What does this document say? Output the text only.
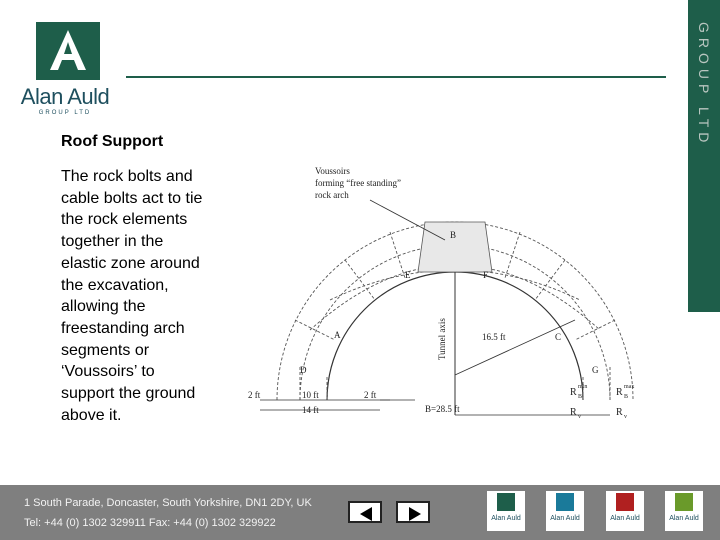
Alan Auld
GROUP LTD	GROUP LTD
Roof Support
The rock bolts and cable bolts act to tie the rock elements together in the elastic zone around the excavation, allowing the freestanding arch segments or ‘Voussoirs’ to support the ground above it.
Voussoirs
forming “free standing”
rock arch
B
E	F
A	C
D	G
Tunnel axis	16.5 ft
2 ft	10 ft
14 ft
2 ft
B=28.5 ft
R min
B	R max
B
R v	R v
1 South Parade, Doncaster, South Yorkshire, DN1 2DY, UK
Tel: +44 (0) 1302 329911 Fax: +44 (0) 1302 329922	Alan Auld	Alan Auld	Alan Auld	Alan Auld
